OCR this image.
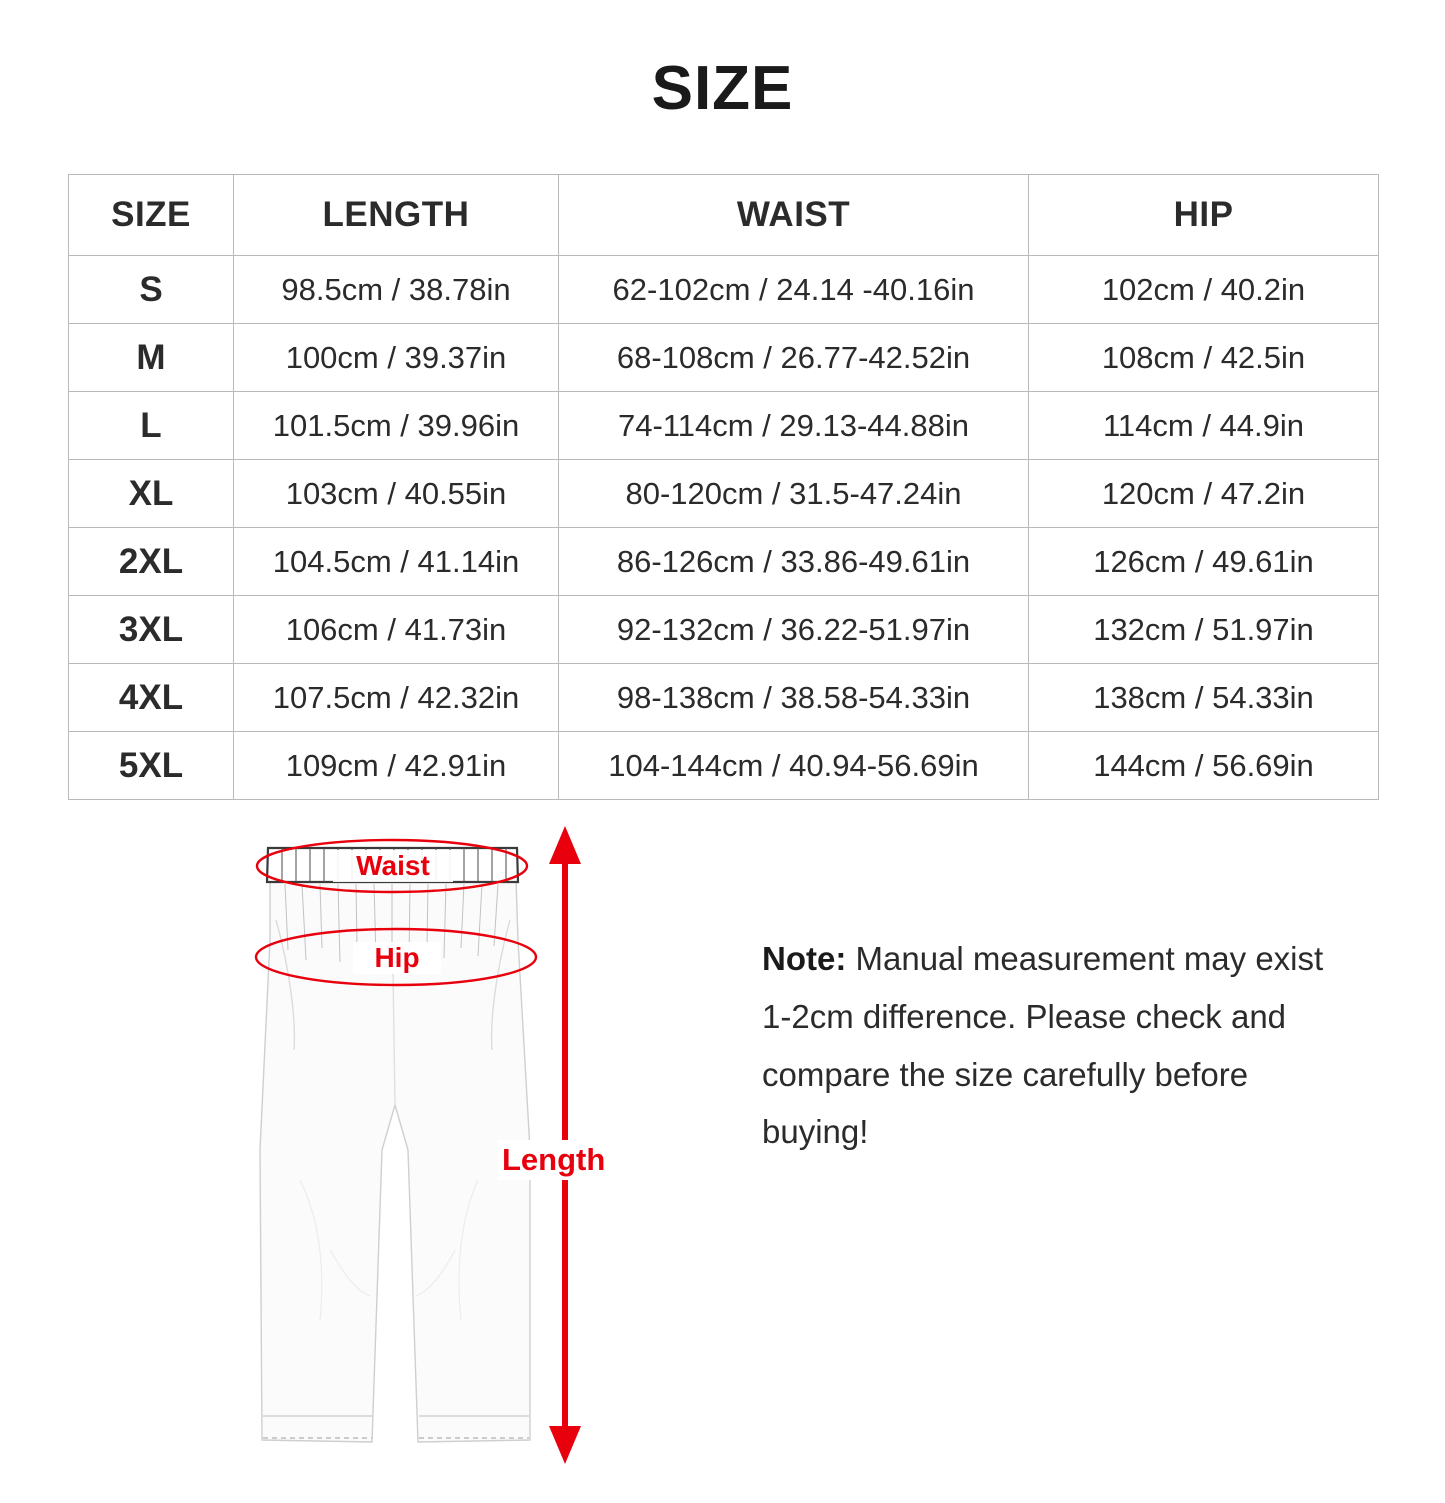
SIZE
SIZE	LENGTH	WAIST	HIP
S	98.5cm / 38.78in	62-102cm / 24.14 -40.16in	102cm / 40.2in
M	100cm / 39.37in	68-108cm / 26.77-42.52in	108cm / 42.5in
L	101.5cm / 39.96in	74-114cm / 29.13-44.88in	114cm / 44.9in
XL	103cm / 40.55in	80-120cm / 31.5-47.24in	120cm / 47.2in
2XL	104.5cm / 41.14in	86-126cm / 33.86-49.61in	126cm / 49.61in
3XL	106cm / 41.73in	92-132cm / 36.22-51.97in	132cm / 51.97in
4XL	107.5cm / 42.32in	98-138cm / 38.58-54.33in	138cm / 54.33in
5XL	109cm / 42.91in	104-144cm / 40.94-56.69in	144cm / 56.69in
Waist
Hip
Length
Note: Manual measurement may exist 1-2cm difference. Please check and compare the size carefully before buying!
